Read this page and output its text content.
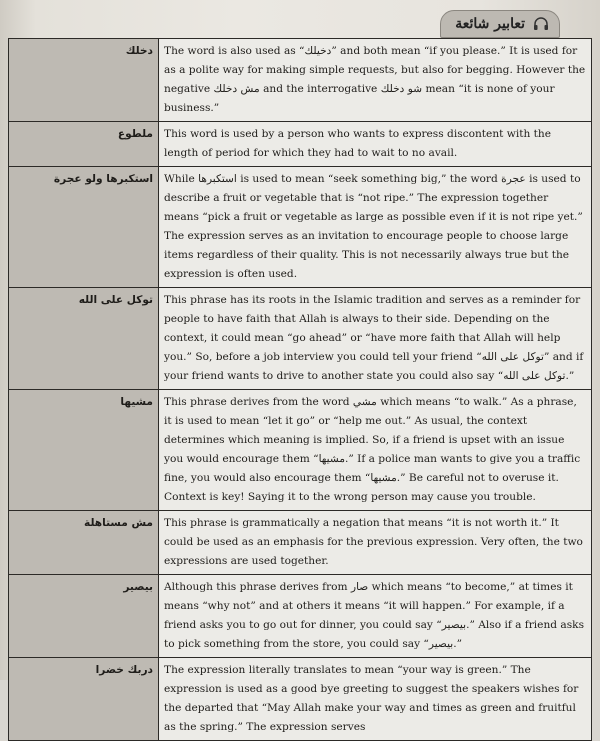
تعابير شائعة
دخلك	The word is also used as “دخيلك” and both mean “if you please.” It is used for as a polite way for making simple requests, but also for begging. However the negative مش دخلك and the interrogative شو دخلك mean “it is none of your business.”
ملطوع	This word is used by a person who wants to express discontent with the length of period for which they had to wait to no avail.
استكبرها ولو عجرة	While استكبرها is used to mean “seek something big,” the word عجرة is used to describe a fruit or vegetable that is “not ripe.” The expression together means “pick a fruit or vegetable as large as possible even if it is not ripe yet.” The expression serves as an invitation to encourage people to choose large items regardless of their quality. This is not necessarily always true but the expression is often used.
توكل على الله	This phrase has its roots in the Islamic tradition and serves as a reminder for people to have faith that Allah is always to their side. Depending on the context, it could mean “go ahead” or “have more faith that Allah will help you.” So, before a job interview you could tell your friend “توكل على الله” and if your friend wants to drive to another state you could also say “توكل على الله.”
مشيها	This phrase derives from the word مشي which means “to walk.” As a phrase, it is used to mean “let it go” or “help me out.” As usual, the context determines which meaning is implied. So, if a friend is upset with an issue you would encourage them “مشيها.” If a police man wants to give you a traffic fine, you would also encourage them “مشيها.” Be careful not to overuse it. Context is key! Saying it to the wrong person may cause you trouble.
مش مستاهلة	This phrase is grammatically a negation that means “it is not worth it.” It could be used as an emphasis for the previous expression. Very often, the two expressions are used together.
بيصير	Although this phrase derives from صار which means “to become,” at times it means “why not” and at others it means “it will happen.” For example, if a friend asks you to go out for dinner, you could say “بيصير.” Also if a friend asks to pick something from the store, you could say “بيصير.”
دربك خضرا	The expression literally translates to mean “your way is green.” The expression is used as a good bye greeting to suggest the speakers wishes for the departed that “May Allah make your way and times as green and fruitful as the spring.” The expression serves
